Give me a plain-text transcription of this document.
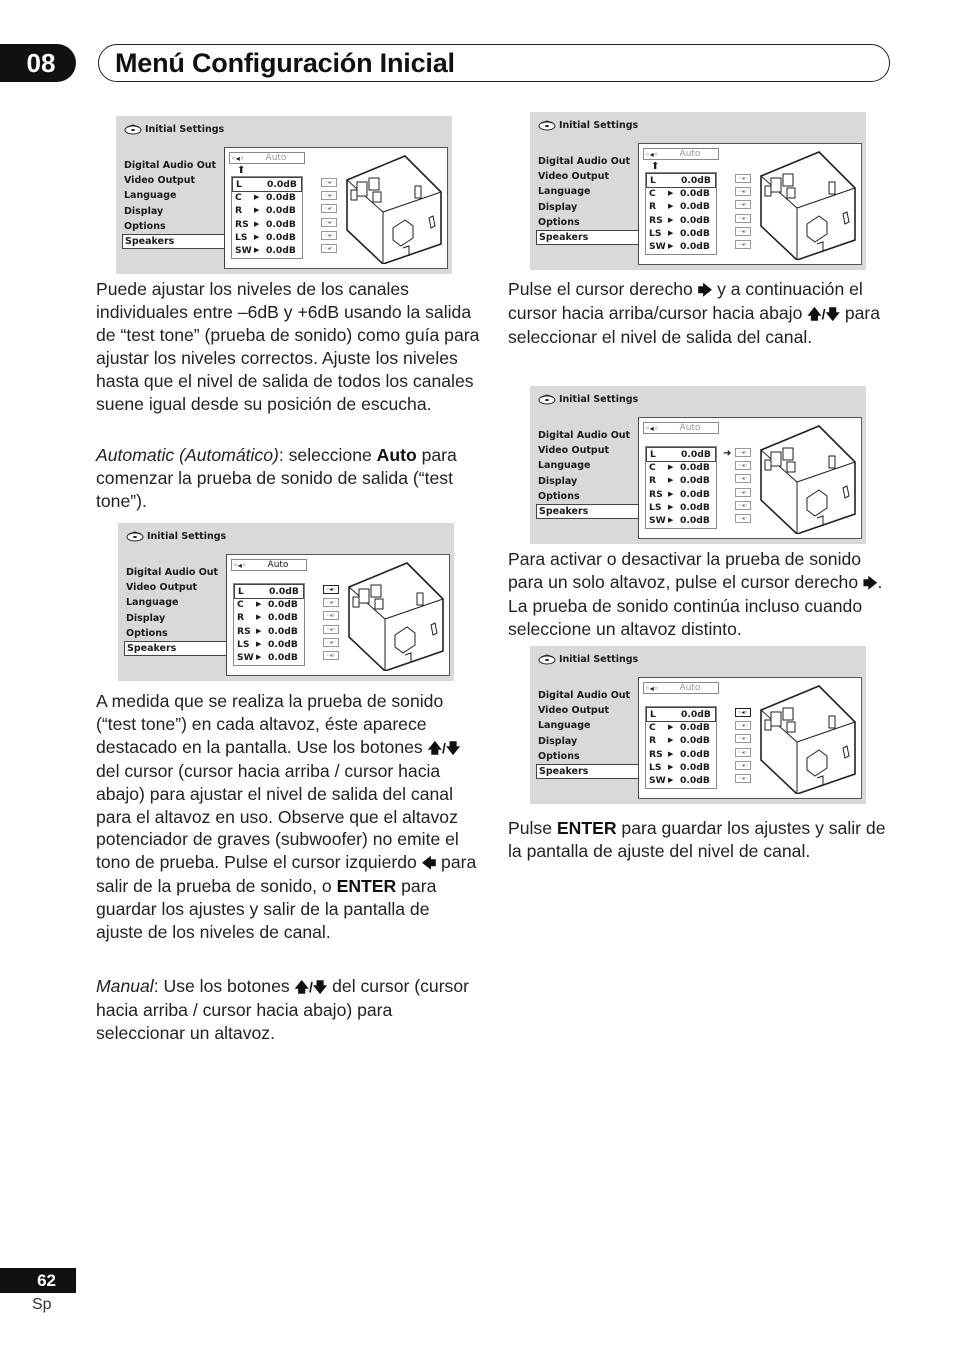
08	Menú Configuración Inicial
Initial Settings
Digital Audio Out
Video Output
Language
Display
Options
Speakers
◦◂◦	Auto
L	0.0dB
C	▶ 0.0dB
R	▶ 0.0dB
RS ▶ 0.0dB
LS ▶ 0.0dB
SW ▶ 0.0dB
⬆
◦◂◦
◦◂◦
◦◂◦
◦◂◦
◦◂◦
◦◂◦
Initial Settings
Digital Audio Out
Video Output
Language
Display
Options
Speakers
◦◂◦	Auto
L	0.0dB
C	▶ 0.0dB
R	▶ 0.0dB
RS ▶ 0.0dB
LS ▶ 0.0dB
SW ▶ 0.0dB
◦◂◦
◦◂◦
◦◂◦
◦◂◦
◦◂◦
◦◂◦
Initial Settings
Digital Audio Out
Video Output
Language
Display
Options
Speakers
◦◂◦	Auto
L	0.0dB
C	▶ 0.0dB
R	▶ 0.0dB
RS ▶ 0.0dB
LS ▶ 0.0dB
SW ▶ 0.0dB
⬆
◦◂◦
◦◂◦
◦◂◦
◦◂◦
◦◂◦
◦◂◦
Initial Settings
Digital Audio Out
Video Output
Language
Display
Options
Speakers
◦◂◦	Auto
L	0.0dB
C	▶ 0.0dB
R	▶ 0.0dB
RS ▶ 0.0dB
LS ▶ 0.0dB
SW ▶ 0.0dB
➜	◦◂◦
◦◂◦
◦◂◦
◦◂◦
◦◂◦
◦◂◦
Initial Settings
Digital Audio Out
Video Output
Language
Display
Options
Speakers
◦◂◦	Auto
L	0.0dB
C	▶ 0.0dB
R	▶ 0.0dB
RS ▶ 0.0dB
LS ▶ 0.0dB
SW ▶ 0.0dB
◦◂◦
◦◂◦
◦◂◦
◦◂◦
◦◂◦
◦◂◦

Puede ajustar los niveles de los canales individuales entre –6dB y +6dB usando la salida de “test tone” (prueba de sonido) como guía para ajustar los niveles correctos. Ajuste los niveles hasta que el nivel de salida de todos los canales suene igual desde su posición de escucha.

Automatic (Automático): seleccione Auto para comenzar la prueba de sonido de salida (“test tone”).

A medida que se realiza la prueba de sonido (“test tone”) en cada altavoz, éste aparece destacado en la pantalla. Use los botones 🡅/🡇 del cursor (cursor hacia arriba / cursor hacia abajo) para ajustar el nivel de salida del canal para el altavoz en uso. Observe que el altavoz potenciador de graves (subwoofer) no emite el tono de prueba. Pulse el cursor izquierdo 🡄 para salir de la prueba de sonido, o ENTER para guardar los ajustes y salir de la pantalla de ajuste de los niveles de canal.

Manual: Use los botones 🡅/🡇 del cursor (cursor hacia arriba / cursor hacia abajo) para seleccionar un altavoz.

Pulse el cursor derecho 🡆 y a continuación el cursor hacia arriba/cursor hacia abajo 🡅/🡇 para seleccionar el nivel de salida del canal.

Para activar o desactivar la prueba de sonido para un solo altavoz, pulse el cursor derecho 🡆. La prueba de sonido continúa incluso cuando seleccione un altavoz distinto.

Pulse ENTER para guardar los ajustes y salir de la pantalla de ajuste del nivel de canal.

62
Sp
